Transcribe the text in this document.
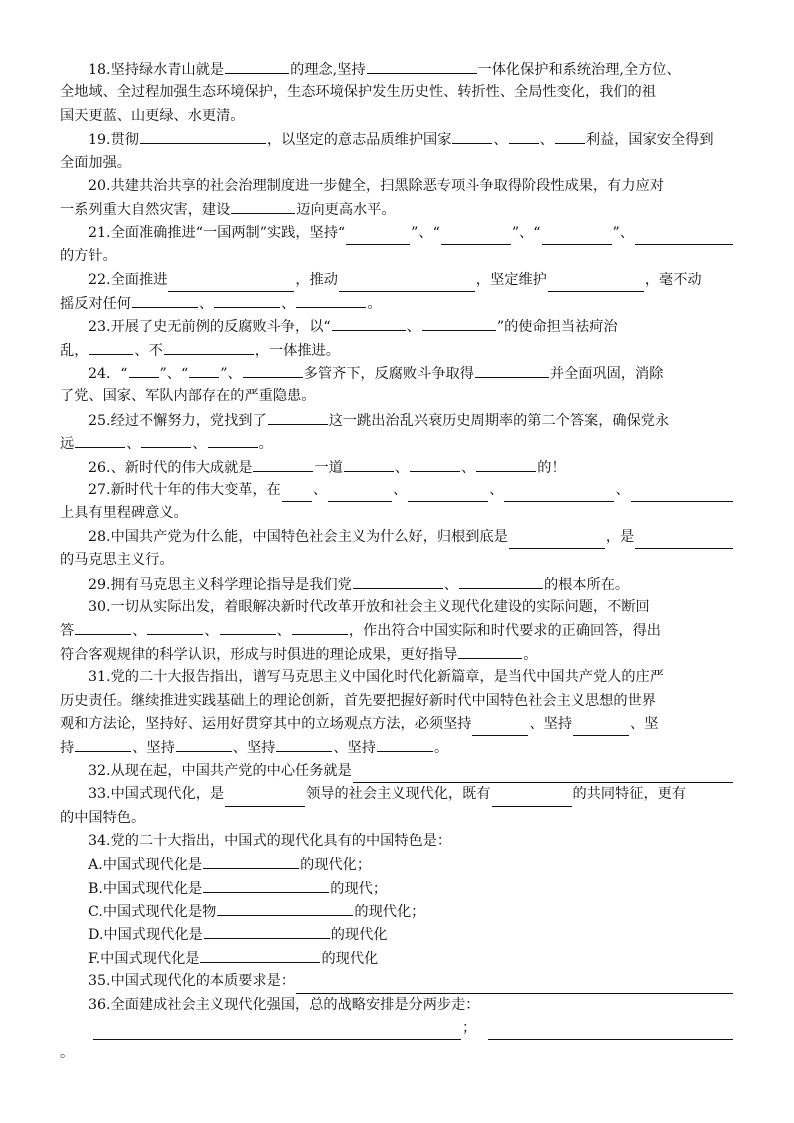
18.坚持绿水青山就是	的理念,坚持	一体化保护和系统治理,全方位、
全地域、全过程加强生态环境保护，生态环境保护发生历史性、转折性、全局性变化，我们的祖
国天更蓝、山更绿、水更清。
19.贯彻	，以坚定的意志品质维护国家	、 、 利益，国家安全得到
全面加强。
20.共建共治共享的社会治理制度进一步健全，扫黑除恶专项斗争取得阶段性成果，有力应对
一系列重大自然灾害，建设	迈向更高水平。
21.全面准确推进“一国两制”实践，坚持“	”、“	”、“	”、
的方针。
22.全面推进	，推动	，坚定维护	，毫不动
摇反对任何	、	、	。
23.开展了史无前例的反腐败斗争，以“	、	”的使命担当祛疴治
乱，	、不	，一体推进。
24．“ ”、“ ”、	多管齐下，反腐败斗争取得	并全面巩固，消除
了党、国家、军队内部存在的严重隐患。
25.经过不懈努力，党找到了	这一跳出治乱兴衰历史周期率的第二个答案，确保党永
远	、	、	。
26.、新时代的伟大成就是	一道	、	、	的！
27.新时代十年的伟大变革，在 、	、	、	、
上具有里程碑意义。
28.中国共产党为什么能，中国特色社会主义为什么好，归根到底是	，是
的马克思主义行。
29.拥有马克思主义科学理论指导是我们党	、	的根本所在。
30.一切从实际出发，着眼解决新时代改革开放和社会主义现代化建设的实际问题，不断回
答	、	、	、	，作出符合中国实际和时代要求的正确回答，得出
符合客观规律的科学认识，形成与时俱进的理论成果，更好指导	。
31.党的二十大报告指出，谱写马克思主义中国化时代化新篇章，是当代中国共产党人的庄严
历史责任。继续推进实践基础上的理论创新，首先要把握好新时代中国特色社会主义思想的世界
观和方法论，坚持好、运用好贯穿其中的立场观点方法，必须坚持	、坚持	、坚
持	、坚持	、坚持	、坚持	。
32.从现在起，中国共产党的中心任务就是
33.中国式现代化，是	领导的社会主义现代化，既有	的共同特征，更有
的中国特色。
34.党的二十大指出，中国式的现代化具有的中国特色是：
A.中国式现代化是	的现代化；
B.中国式现代化是	的现代；
C.中国式现代化是物	的现代化；
D.中国式现代化是	的现代化
F.中国式现代化是	的现代化
35.中国式现代化的本质要求是：
36.全面建成社会主义现代化强国，总的战略安排是分两步走：
；
。
